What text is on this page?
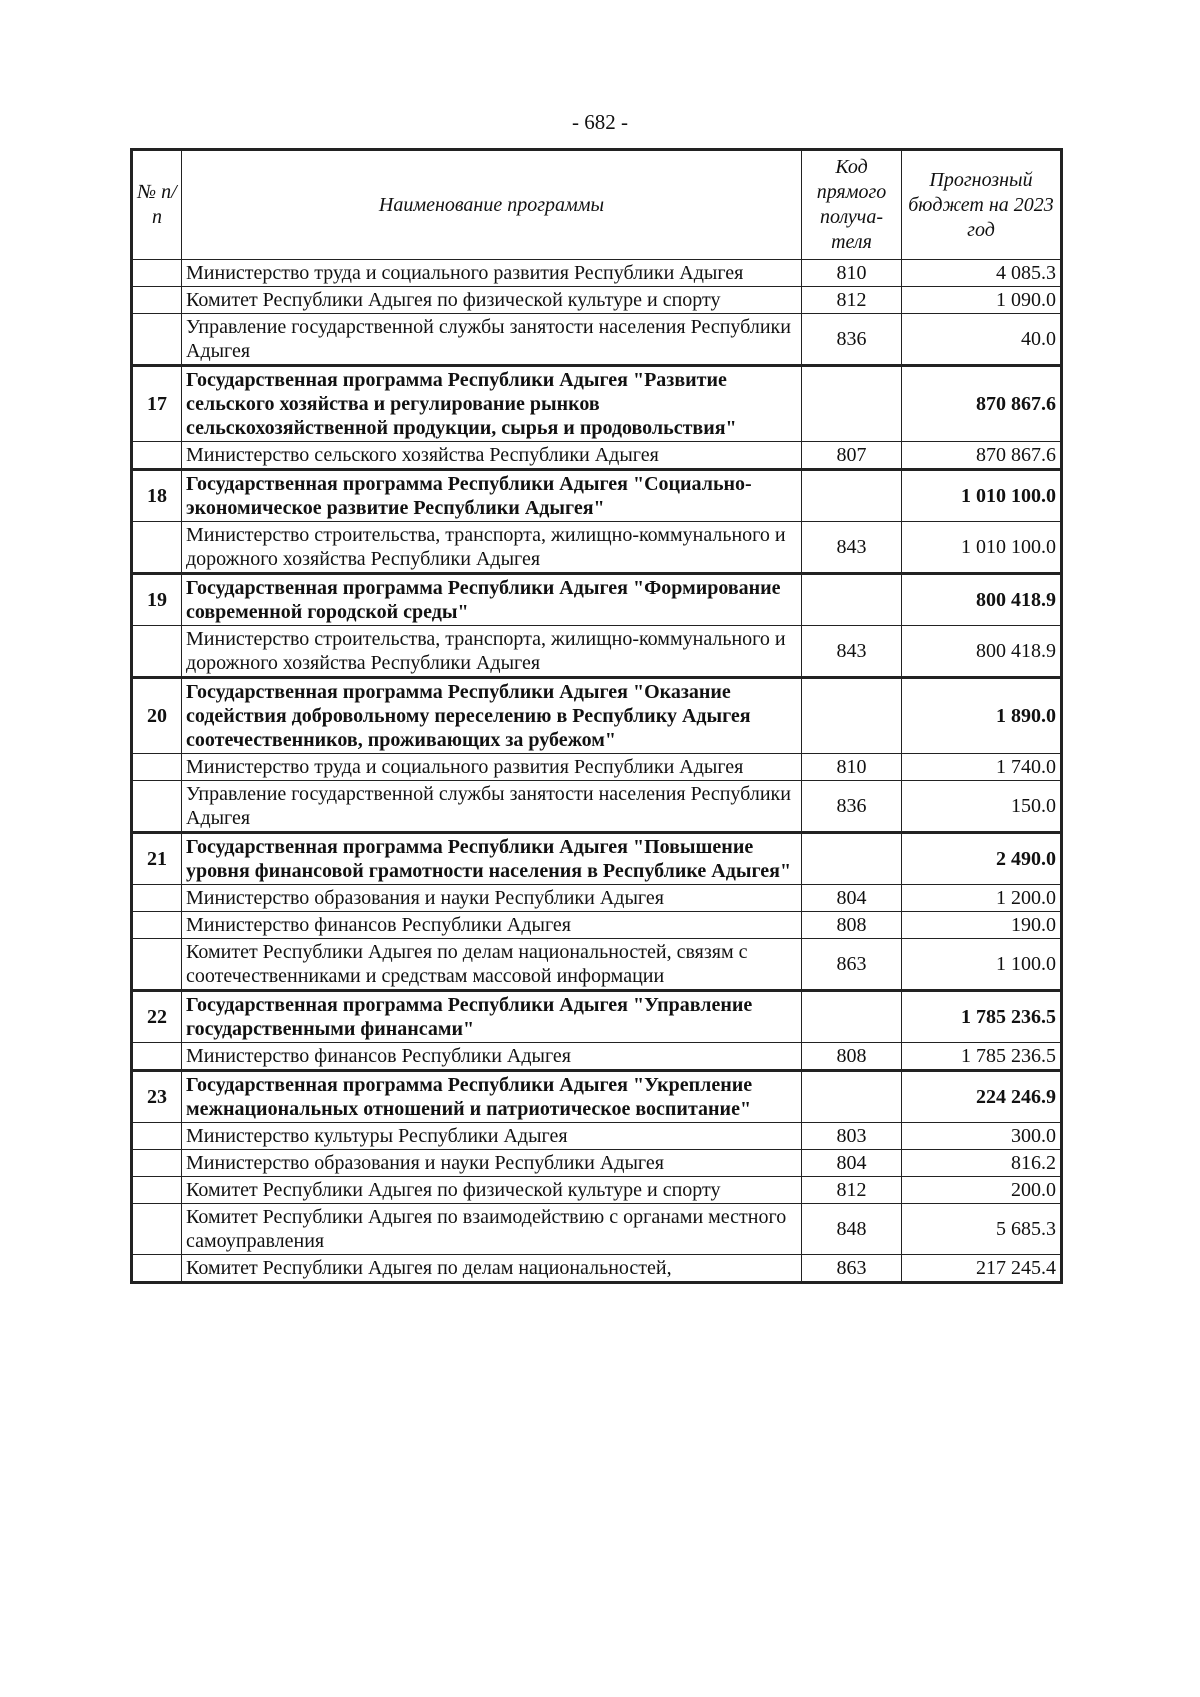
- 682 -
№ п/п	Наименование программы	Код прямого получа-теля	Прогнозный бюджет на 2023 год
	Министерство труда и социального развития Республики Адыгея	810	4 085.3
	Комитет Республики Адыгея по физической культуре и спорту	812	1 090.0
	Управление государственной службы занятости населения Республики Адыгея	836	40.0
17	Государственная программа Республики Адыгея "Развитие сельского хозяйства и регулирование рынков сельскохозяйственной продукции, сырья и продовольствия"		870 867.6
	Министерство сельского хозяйства Республики Адыгея	807	870 867.6
18	Государственная программа Республики Адыгея "Социально-экономическое развитие Республики Адыгея"		1 010 100.0
	Министерство строительства, транспорта, жилищно-коммунального и дорожного хозяйства Республики Адыгея	843	1 010 100.0
19	Государственная программа Республики Адыгея "Формирование современной городской среды"		800 418.9
	Министерство строительства, транспорта, жилищно-коммунального и дорожного хозяйства Республики Адыгея	843	800 418.9
20	Государственная программа Республики Адыгея "Оказание содействия добровольному переселению в Республику Адыгея соотечественников, проживающих за рубежом"		1 890.0
	Министерство труда и социального развития Республики Адыгея	810	1 740.0
	Управление государственной службы занятости населения Республики Адыгея	836	150.0
21	Государственная программа Республики Адыгея "Повышение уровня финансовой грамотности населения в Республике Адыгея"		2 490.0
	Министерство образования и науки Республики Адыгея	804	1 200.0
	Министерство финансов Республики Адыгея	808	190.0
	Комитет Республики Адыгея по делам национальностей, связям с соотечественниками и средствам массовой информации	863	1 100.0
22	Государственная программа Республики Адыгея "Управление государственными финансами"		1 785 236.5
	Министерство финансов Республики Адыгея	808	1 785 236.5
23	Государственная программа Республики Адыгея "Укрепление межнациональных отношений и патриотическое воспитание"		224 246.9
	Министерство культуры Республики Адыгея	803	300.0
	Министерство образования и науки Республики Адыгея	804	816.2
	Комитет Республики Адыгея по физической культуре и спорту	812	200.0
	Комитет Республики Адыгея по взаимодействию с органами местного самоуправления	848	5 685.3
	Комитет Республики Адыгея по делам национальностей,	863	217 245.4
